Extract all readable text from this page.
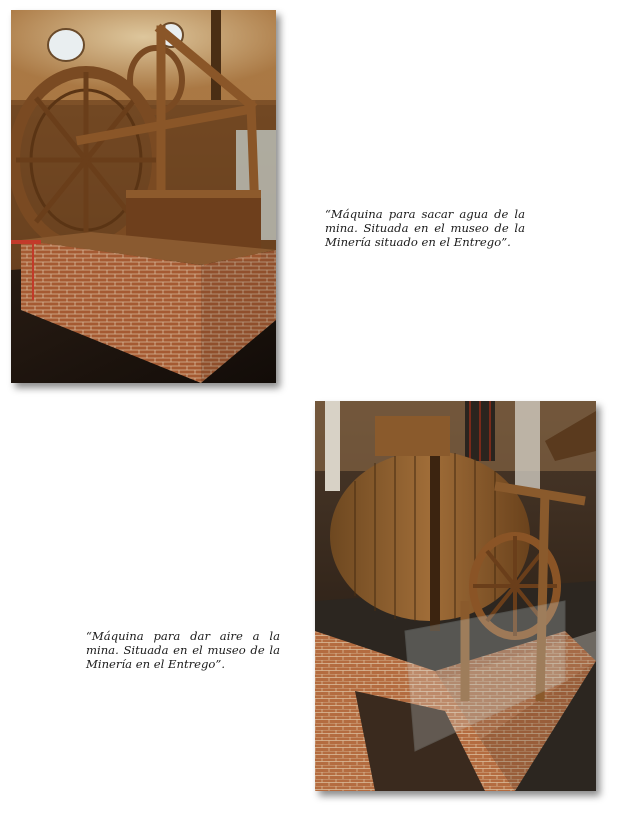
“Máquina para sacar agua de la mina. Situada en el museo de la Minería situado en el Entrego”.
“Máquina para dar aire a la mina. Situada en el museo de la Minería en el Entrego”.
